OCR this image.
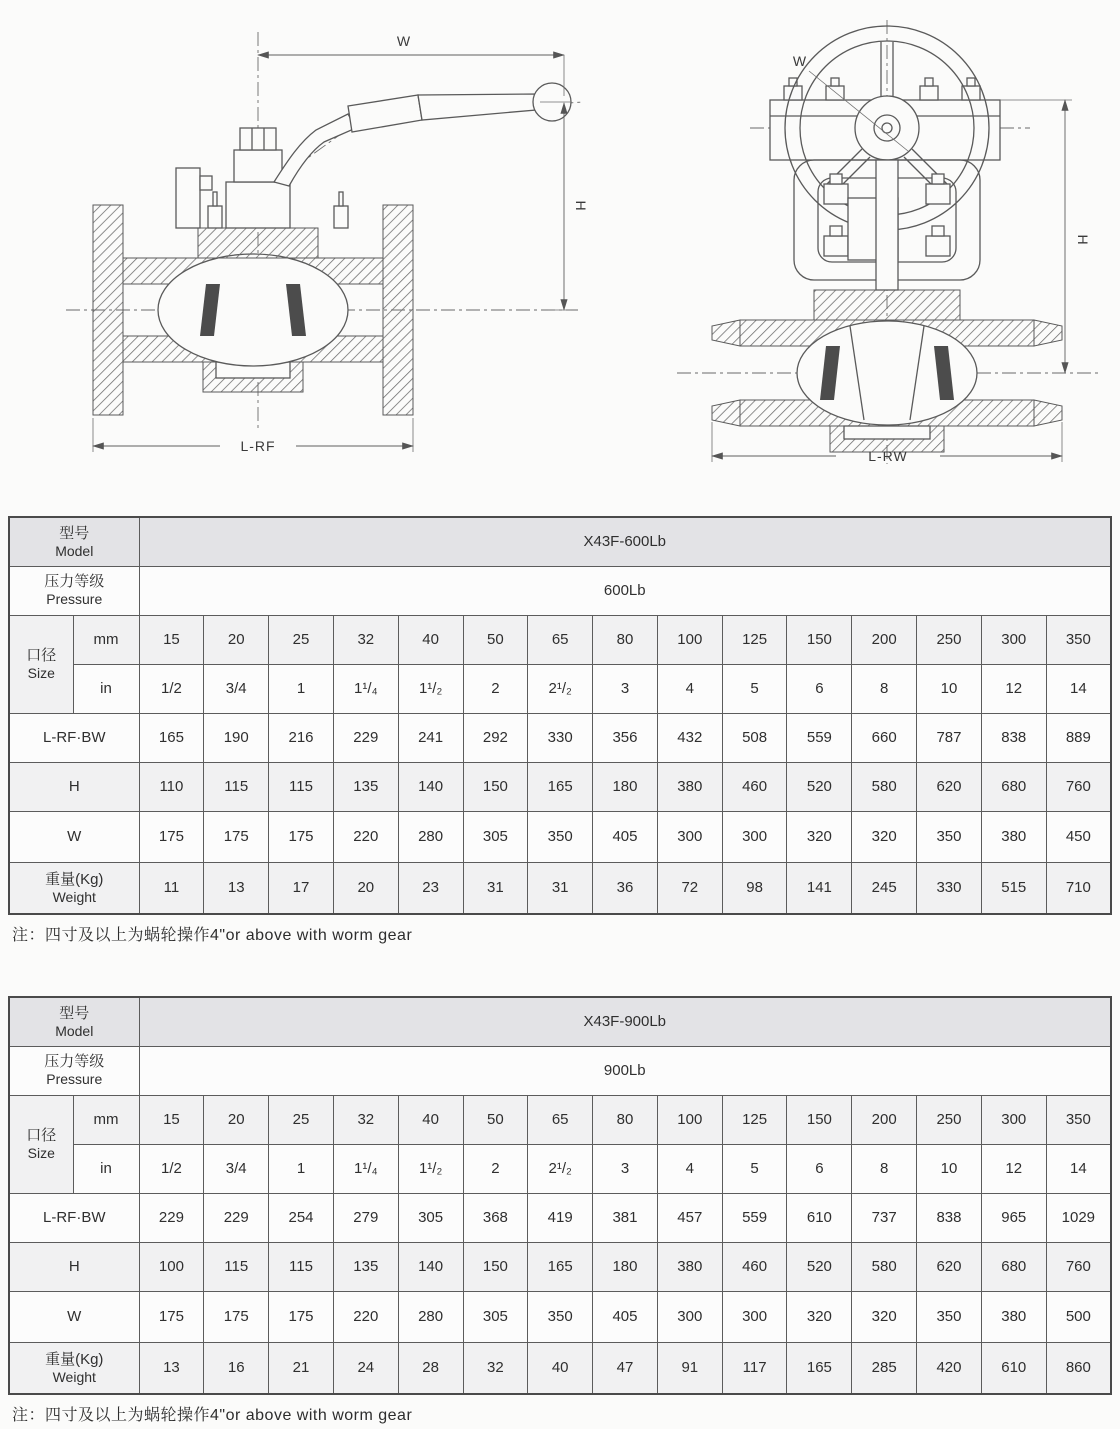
W
H
L-RF
W
H
L-RW
型号
Model		X43F-600Lb														

压力等级
Pressure		600Lb														

口径
Size	mm	15	20	25	32	40	50	65	80	100	125	150	200	250	300	350
	in	1/2	3/4	1	1¹/₄	1¹/₂	2	2¹/₂	3	4	5	6	8	10	12	14
L-RF·BW		165	190	216	229	241	292	330	356	432	508	559	660	787	838	889
H		110	115	115	135	140	150	165	180	380	460	520	580	620	680	760
W		175	175	175	220	280	305	350	405	300	300	320	320	350	380	450

重量(Kg)
Weight		11	13	17	20	23	31	31	36	72	98	141	245	330	515	710
注：四寸及以上为蜗轮操作4"or above with worm gear
型号
Model		X43F-900Lb														

压力等级
Pressure		900Lb														

口径
Size	mm	15	20	25	32	40	50	65	80	100	125	150	200	250	300	350
	in	1/2	3/4	1	1¹/₄	1¹/₂	2	2¹/₂	3	4	5	6	8	10	12	14
L-RF·BW		229	229	254	279	305	368	419	381	457	559	610	737	838	965	1029
H		100	115	115	135	140	150	165	180	380	460	520	580	620	680	760
W		175	175	175	220	280	305	350	405	300	300	320	320	350	380	500

重量(Kg)
Weight		13	16	21	24	28	32	40	47	91	117	165	285	420	610	860
注：四寸及以上为蜗轮操作4"or above with worm gear
